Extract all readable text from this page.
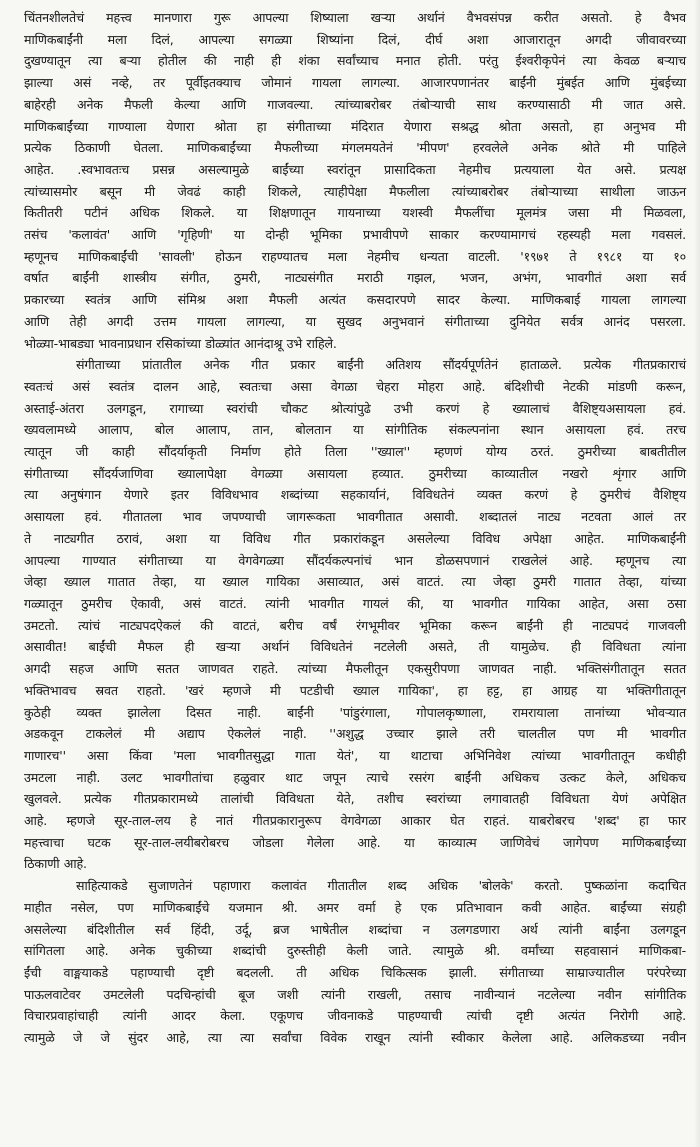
चिंतनशीलतेचं महत्त्व मानणारा गुरू आपल्या शिष्याला खऱ्या अर्थानं वैभवसंपन्न करीत असतो. हे वैभव
माणिकबाईंनी मला दिलं, आपल्या सगळ्या शिष्यांना दिलं, दीर्घ अशा आजारातून अगदी जीवावरच्या
दुखण्यातून त्या बऱ्या होतील की नाही ही शंका सर्वांच्याच मनात होती. परंतु ईश्वरीकृपेनं त्या केवळ बऱ्याच
झाल्या असं नव्हे, तर पूर्वीइतक्याच जोमानं गायला लागल्या. आजारपणानंतर बाईंनी मुंबईत आणि मुंबईच्या
बाहेरही अनेक मैफली केल्या आणि गाजवल्या. त्यांच्याबरोबर तंबोऱ्याची साथ करण्यासाठी मी जात असे.
माणिकबाईंच्या गाण्याला येणारा श्रोता हा संगीताच्या मंदिरात येणारा सश्रद्ध श्रोता असतो, हा अनुभव मी
प्रत्येक ठिकाणी घेतला. माणिकबाईंच्या मैफलीच्या मंगलमयतेनं 'मीपण' हरवलेले अनेक श्रोते मी पाहिले
आहेत. .स्वभावतःच प्रसन्न असल्यामुळे बाईंच्या स्वरांतून प्रासादिकता नेहमीच प्रत्ययाला येत असे. प्रत्यक्ष
त्यांच्यासमोर बसून मी जेवढं काही शिकले, त्याहीपेक्षा मैफलीला त्यांच्याबरोबर तंबोऱ्याच्या साथीला जाऊन
कितीतरी पटीनं अधिक शिकले. या शिक्षणातून गायनाच्या यशस्वी मैफलींचा मूलमंत्र जसा मी मिळवला,
तसंच 'कलावंत' आणि 'गृहिणी' या दोन्ही भूमिका प्रभावीपणे साकार करण्यामागचं रहस्यही मला गवसलं.
म्हणूनच माणिकबाईंची 'सावली' होऊन राहण्यातच मला नेहमीच धन्यता वाटली. '१९७१ ते १९८१ या १०
वर्षात बाईंनी शास्त्रीय संगीत, ठुमरी, नाट्यसंगीत मराठी गझल, भजन, अभंग, भावगीतं अशा सर्व
प्रकारच्या स्वतंत्र आणि संमिश्र अशा मैफली अत्यंत कसदारपणे सादर केल्या. माणिकबाई गायला लागल्या
आणि तेही अगदी उत्तम गायला लागल्या, या सुखद अनुभवानं संगीताच्या दुनियेत सर्वत्र आनंद पसरला.
भोळ्या-भाबड्या भावनाप्रधान रसिकांच्या डोळ्यांत आनंदाश्रू उभे राहिले.

संगीताच्या प्रांतातील अनेक गीत प्रकार बाईंनी अतिशय सौंदर्यपूर्णतेनं हाताळले. प्रत्येक गीतप्रकाराचं
स्वतःचं असं स्वतंत्र दालन आहे, स्वतःचा असा वेगळा चेहरा मोहरा आहे. बंदिशीची नेटकी मांडणी करून,
अस्ताई-अंतरा उलगडून, रागाच्या स्वरांची चौकट श्रोत्यांपुढे उभी करणं हे ख्यालाचं वैशिष्ट्यअसायला हवं.
ख्यवलामध्ये आलाप, बोल आलाप, तान, बोलतान या सांगीतिक संकल्पनांना स्थान असायला हवं. तरच
त्यातून जी काही सौंदर्याकृती निर्माण होते तिला ''ख्याल'' म्हणणं योग्य ठरतं. ठुमरीच्या बाबतीतील
संगीताच्या सौंदर्यजाणिवा ख्यालापेक्षा वेगळ्या असायला हव्यात. ठुमरीच्या काव्यातील नखरो शृंगार आणि
त्या अनुषंगान येणारे इतर विविधभाव शब्दांच्या सहकार्यानं, विविधतेनं व्यक्त करणं हे ठुमरीचं वैशिष्ट्य
असायला हवं. गीतातला भाव जपण्याची जागरूकता भावगीतात असावी. शब्दातलं नाट्य नटवता आलं तर
ते नाट्यगीत ठरावं, अशा या विविध गीत प्रकारांकडून असलेल्या विविध अपेक्षा आहेत. माणिकबाईंनी
आपल्या गाण्यात संगीताच्या या वेगवेगळ्या सौंदर्यकल्पनांचं भान डोळसपणानं राखलेलं आहे. म्हणूनच त्या
जेव्हा ख्याल गातात तेव्हा, या ख्याल गायिका असाव्यात, असं वाटतं. त्या जेव्हा ठुमरी गातात तेव्हा, यांच्या
गळ्यातून ठुमरीच ऐकावी, असं वाटतं. त्यांनी भावगीत गायलं की, या भावगीत गायिका आहेत, असा ठसा
उमटतो. त्यांचं नाट्यपदऐकलं की वाटतं, बरीच वर्षं रंगभूमीवर भूमिका करून बाईंनी ही नाट्यपदं गाजवली
असावीत! बाईंची मैफल ही खऱ्या अर्थानं विविधतेनं नटलेली असते, ती यामुळेच. ही विविधता त्यांना
अगदी सहज आणि सतत जाणवत राहते. त्यांच्या मैफलीतून एकसुरीपणा जाणवत नाही. भक्तिसंगीतातून सतत
भक्तिभावच स्रवत राहतो. 'खरं म्हणजे मी पटडीची ख्याल गायिका', हा हट्ट, हा आग्रह या भक्तिगीतातून
कुठेही व्यक्त झालेला दिसत नाही. बाईंनी 'पांडुरंगाला, गोपालकृष्णाला, रामरायाला तानांच्या भोवऱ्यात
अडकवून टाकलेलं मी अद्याप ऐकलेलं नाही. ''अशुद्ध उच्चार झाले तरी चालतील पण मी भावगीत
गाणारच'' असा किंवा 'मला भावगीतसुद्धा गाता येतं', या थाटाचा अभिनिवेश त्यांच्या भावगीतातून कधीही
उमटला नाही. उलट भावगीतांचा हळुवार थाट जपून त्याचे रसरंग बाईंनी अधिकच उत्कट केले, अधिकच
खुलवले. प्रत्येक गीतप्रकारामध्ये तालांची विविधता येते, तशीच स्वरांच्या लगावातही विविधता येणं अपेक्षित
आहे. म्हणजे सूर-ताल-लय हे नातं गीतप्रकारानुरूप वेगवेगळा आकार घेत राहतं. याबरोबरच 'शब्द' हा फार
महत्त्वाचा घटक सूर-ताल-लयीबरोबरच जोडला गेलेला आहे. या काव्यात्म जाणिवेचं जागेपण माणिकबाईंच्या
ठिकाणी आहे.

साहित्याकडे सुजाणतेनं पहाणारा कलावंत गीतातील शब्द अधिक 'बोलके' करतो. पुष्कळांना कदाचित
माहीत नसेल, पण माणिकबाईंचे यजमान श्री. अमर वर्मा हे एक प्रतिभावान कवी आहेत. बाईंच्या संग्रही
असलेल्या बंदिशीतील सर्व हिंदी, उर्दू, ब्रज भाषेतील शब्दांचा न उलगडणारा अर्थ त्यांनी बाईंना उलगडून
सांगितला आहे. अनेक चुकीच्या शब्दांची दुरुस्तीही केली जाते. त्यामुळे श्री. वर्मांच्या सहवासानं माणिकबा-
ईंची वाङ्मयाकडे पहाण्याची दृष्टी बदलली. ती अधिक चिकित्सक झाली. संगीताच्या साम्राज्यातील परंपरेच्या
पाऊलवाटेवर उमटलेली पदचिन्हांची बूज जशी त्यांनी राखली, तसाच नावीन्यानं नटलेल्या नवीन सांगीतिक
विचारप्रवाहांचाही त्यांनी आदर केला. एकूणच जीवनाकडे पाहण्याची त्यांची दृष्टी अत्यंत निरोगी आहे.
त्यामुळे जे जे सुंदर आहे, त्या त्या सर्वांचा विवेक राखून त्यांनी स्वीकार केलेला आहे. अलिकडच्या नवीन
